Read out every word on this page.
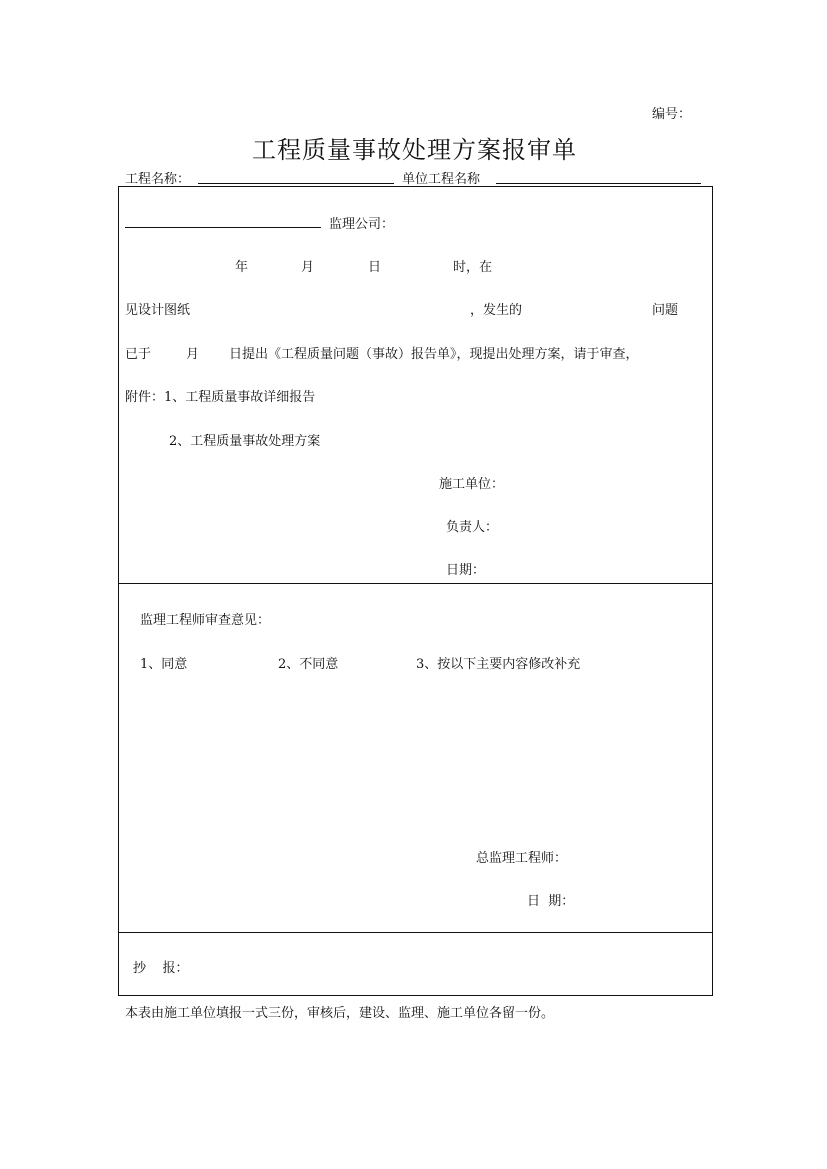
编号：
工程质量事故处理方案报审单
工程名称：	单位工程名称
监理公司：
年	月	日	时，在
见设计图纸	，发生的	问题
已于	月 日提出《工程质量问题（事故）报告单》，现提出处理方案，请于审查，
附件：1、工程质量事故详细报告
2、工程质量事故处理方案
施工单位：
负责人：
日期：
监理工程师审查意见：
1、同意	2、不同意	3、按以下主要内容修改补充
总监理工程师：
日  期：
抄    报：
本表由施工单位填报一式三份，审核后，建设、监理、施工单位各留一份。
